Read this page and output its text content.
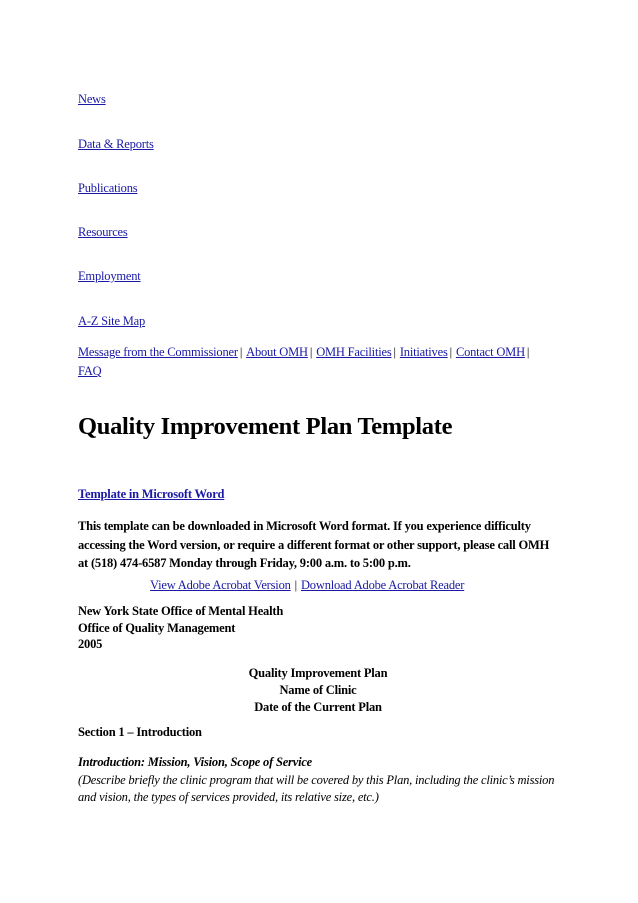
News
Data & Reports
Publications
Resources
Employment
A-Z Site Map
Message from the Commissioner | About OMH | OMH Facilities | Initiatives | Contact OMH |
FAQ
Quality Improvement Plan Template
Template in Microsoft Word

This template can be downloaded in Microsoft Word format. If you experience difficulty accessing the Word version, or require a different format or other support, please call OMH at (518) 474-6587 Monday through Friday, 9:00 a.m. to 5:00 p.m.

View Adobe Acrobat Version | Download Adobe Acrobat Reader
New York State Office of Mental Health
Office of Quality Management
2005
Quality Improvement Plan
Name of Clinic
Date of the Current Plan
Section 1 – Introduction
Introduction: Mission, Vision, Scope of Service

(Describe briefly the clinic program that will be covered by this Plan, including the clinic’s mission and vision, the types of services provided, its relative size, etc.)
